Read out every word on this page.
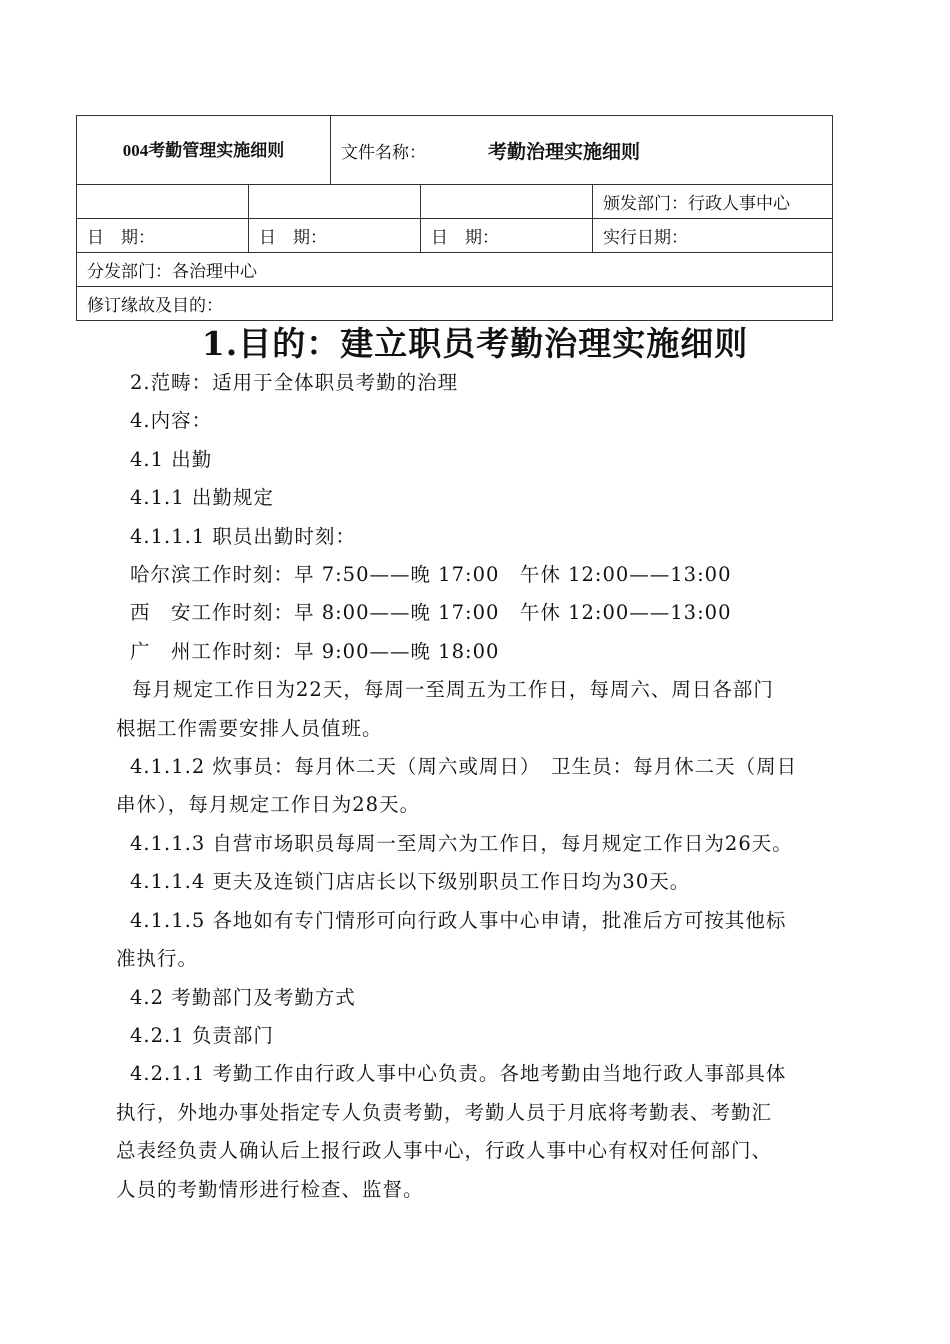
004考勤管理实施细则		文件名称： 考勤治理实施细则		
				颁发部门：行政人事中心
日　期：	日　期：		日　期：	实行日期：
分发部门：各治理中心				
修订缘故及目的：				
1.目的：建立职员考勤治理实施细则

2.范畴：适用于全体职员考勤的治理

4.内容：

4.1 出勤

4.1.1 出勤规定

4.1.1.1 职员出勤时刻：

哈尔滨工作时刻：早 7:50——晚 17:00　午休 12:00——13:00

西　安工作时刻：早 8:00——晚 17:00　午休 12:00——13:00

广　州工作时刻：早 9:00——晚 18:00

每月规定工作日为22天，每周一至周五为工作日，每周六、周日各部门

根据工作需要安排人员值班。

4.1.1.2 炊事员：每月休二天（周六或周日）　卫生员：每月休二天（周日

串休），每月规定工作日为28天。

4.1.1.3 自营市场职员每周一至周六为工作日，每月规定工作日为26天。

4.1.1.4 更夫及连锁门店店长以下级别职员工作日均为30天。

4.1.1.5 各地如有专门情形可向行政人事中心申请，批准后方可按其他标

准执行。

4.2 考勤部门及考勤方式

4.2.1 负责部门

4.2.1.1 考勤工作由行政人事中心负责。各地考勤由当地行政人事部具体

执行，外地办事处指定专人负责考勤，考勤人员于月底将考勤表、考勤汇

总表经负责人确认后上报行政人事中心，行政人事中心有权对任何部门、

人员的考勤情形进行检查、监督。
